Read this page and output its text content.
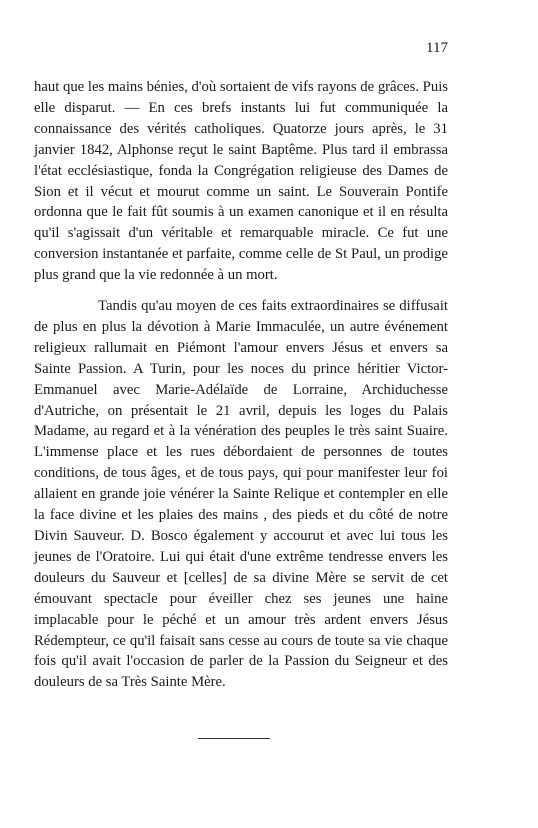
117

haut que les mains bénies, d'où sortaient de vifs rayons de grâces. Puis elle disparut. — En ces brefs instants lui fut communiquée la connaissance des vérités catholiques. Quatorze jours après, le 31 janvier 1842, Alphonse reçut le saint Baptême. Plus tard il embrassa l'état ecclésiastique, fonda la Congrégation religieuse des Dames de Sion et il vécut et mourut comme un saint. Le Souverain Pontife ordonna que le fait fût soumis à un examen canonique et il en résulta qu'il s'agissait d'un véritable et remarquable miracle. Ce fut une conversion instantanée et parfaite, comme celle de St Paul, un prodige plus grand que la vie redonnée à un mort.

Tandis qu'au moyen de ces faits extraordinaires se diffusait de plus en plus la dévotion à Marie Immaculée, un autre événement religieux rallumait en Piémont l'amour envers Jésus et envers sa Sainte Passion. A Turin, pour les noces du prince héritier Victor-Emmanuel avec Marie-Adélaïde de Lorraine, Archiduchesse d'Autriche, on présentait le 21 avril, depuis les loges du Palais Madame, au regard et à la vénération des peuples le très saint Suaire. L'immense place et les rues débordaient de personnes de toutes conditions, de tous âges, et de tous pays, qui pour manifester leur foi allaient en grande joie vénérer la Sainte Relique et contempler en elle la face divine et les plaies des mains , des pieds et du côté de notre Divin Sauveur. D. Bosco également y accourut et avec lui tous les jeunes de l'Oratoire. Lui qui était d'une extrême tendresse envers les douleurs du Sauveur et [celles] de sa divine Mère se servit de cet émouvant spectacle pour éveiller chez ses jeunes une haine implacable pour le péché et un amour très ardent envers Jésus Rédempteur, ce qu'il faisait sans cesse au cours de toute sa vie chaque fois qu'il avait l'occasion de parler de la Passion du Seigneur et des douleurs de sa Très Sainte Mère.
